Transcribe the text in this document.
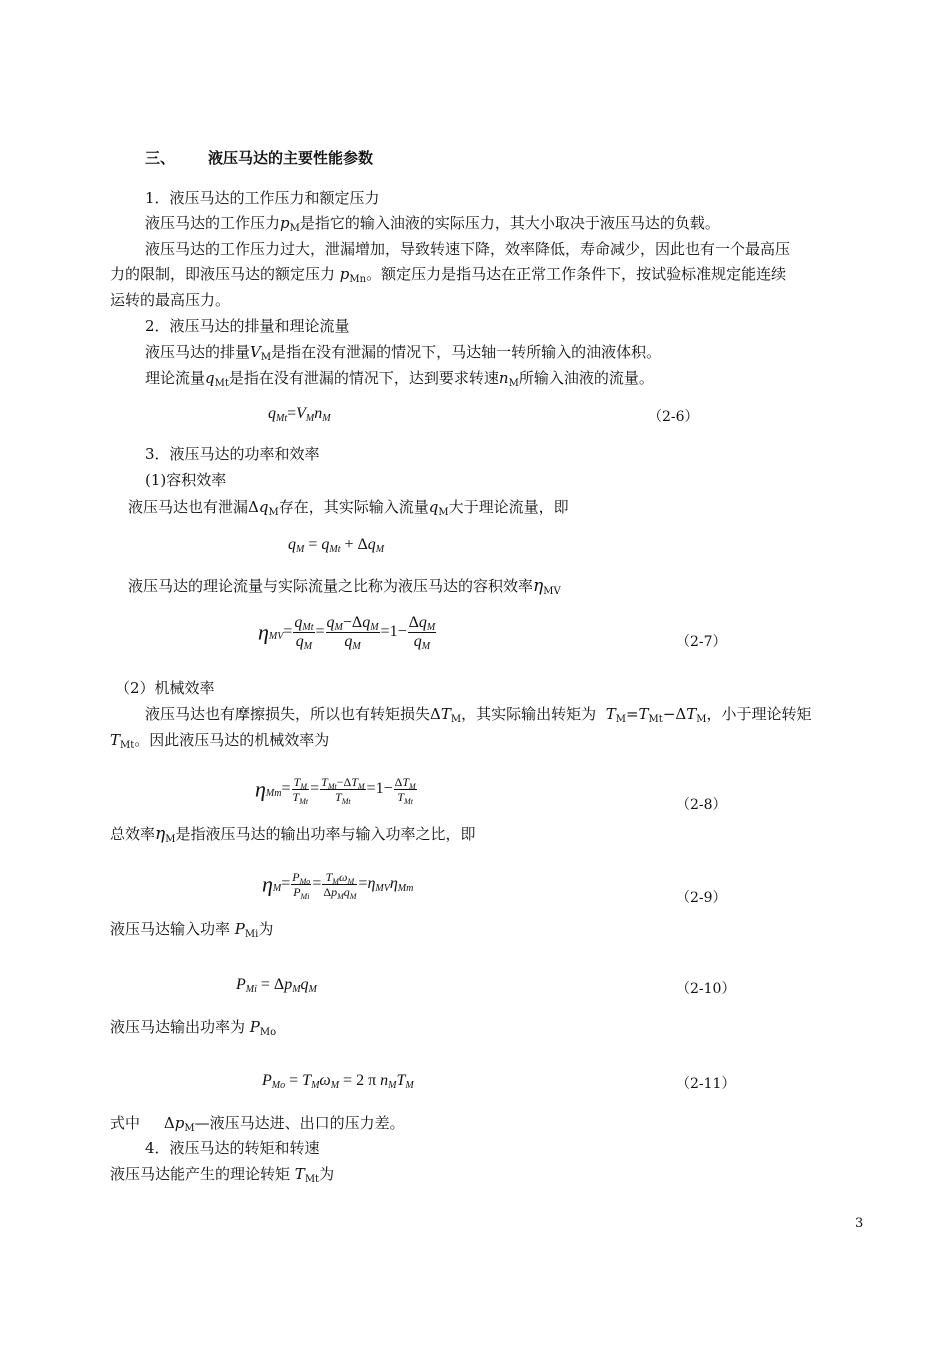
三、 液压马达的主要性能参数
1．液压马达的工作压力和额定压力
液压马达的工作压力$p_M$是指它的输入油液的实际压力，其大小取决于液压马达的负载。
液压马达的工作压力过大，泄漏增加，导致转速下降，效率降低，寿命减少，因此也有一个最高压
力的限制，即液压马达的额定压力 $p_{Mn}$。额定压力是指马达在正常工作条件下，按试验标准规定能连续
运转的最高压力。
2．液压马达的排量和理论流量
液压马达的排量$V_M$是指在没有泄漏的情况下，马达轴一转所输入的油液体积。
理论流量$q_{Mt}$是指在没有泄漏的情况下，达到要求转速$n_M$所输入油液的流量。
$q_{Mt}=V_Mn_M$	（2-6）
3．液压马达的功率和效率
(1)容积效率
液压马达也有泄漏$\Delta q_M$存在，其实际输入流量$q_M$大于理论流量，即
$q_M = q_{Mt} + \Delta q_M$
液压马达的理论流量与实际流量之比称为液压马达的容积效率$\eta_{MV}$
$\eta_{MV}=$
$q_{Mt}$
$q_M$
=
$q_M-\Delta q_M$
$q_M$
=1−
$\Delta q_M$
$q_M$	（2-7）
（2）机械效率
液压马达也有摩擦损失，所以也有转矩损失$\Delta T_M$，其实际输出转矩为 $T_M=T_{Mt}-\Delta T_M$，小于理论转矩
$T_{Mt}$。因此液压马达的机械效率为
$\eta_{Mm}= T_M$
$T_{Mt}$
= $T_{Mt}-\Delta T_M$
$T_{Mt}$
$=1- \Delta T_M$
$T_{Mt}$	（2-8）
总效率$\eta_M$是指液压马达的输出功率与输入功率之比，即
$\eta_M= P_{Mo}$
$P_{Mi}$
= $T_M\omega_M$
$\Delta p_Mq_M$
$=\eta_{MV}\eta_{Mm}$
（2-9）
液压马达输入功率 $P_{Mi}$为
$P_{Mi} = \Delta p_Mq_M$	（2-10）
液压马达输出功率为 $P_{Mo}$
$P_{Mo} = T_M\omega_M = 2$ π $n_MT_M$	（2-11）
式中 $\Delta p_M—$液压马达进、出口的压力差。
4．液压马达的转矩和转速
液压马达能产生的理论转矩 $T_{Mt}$为
3
